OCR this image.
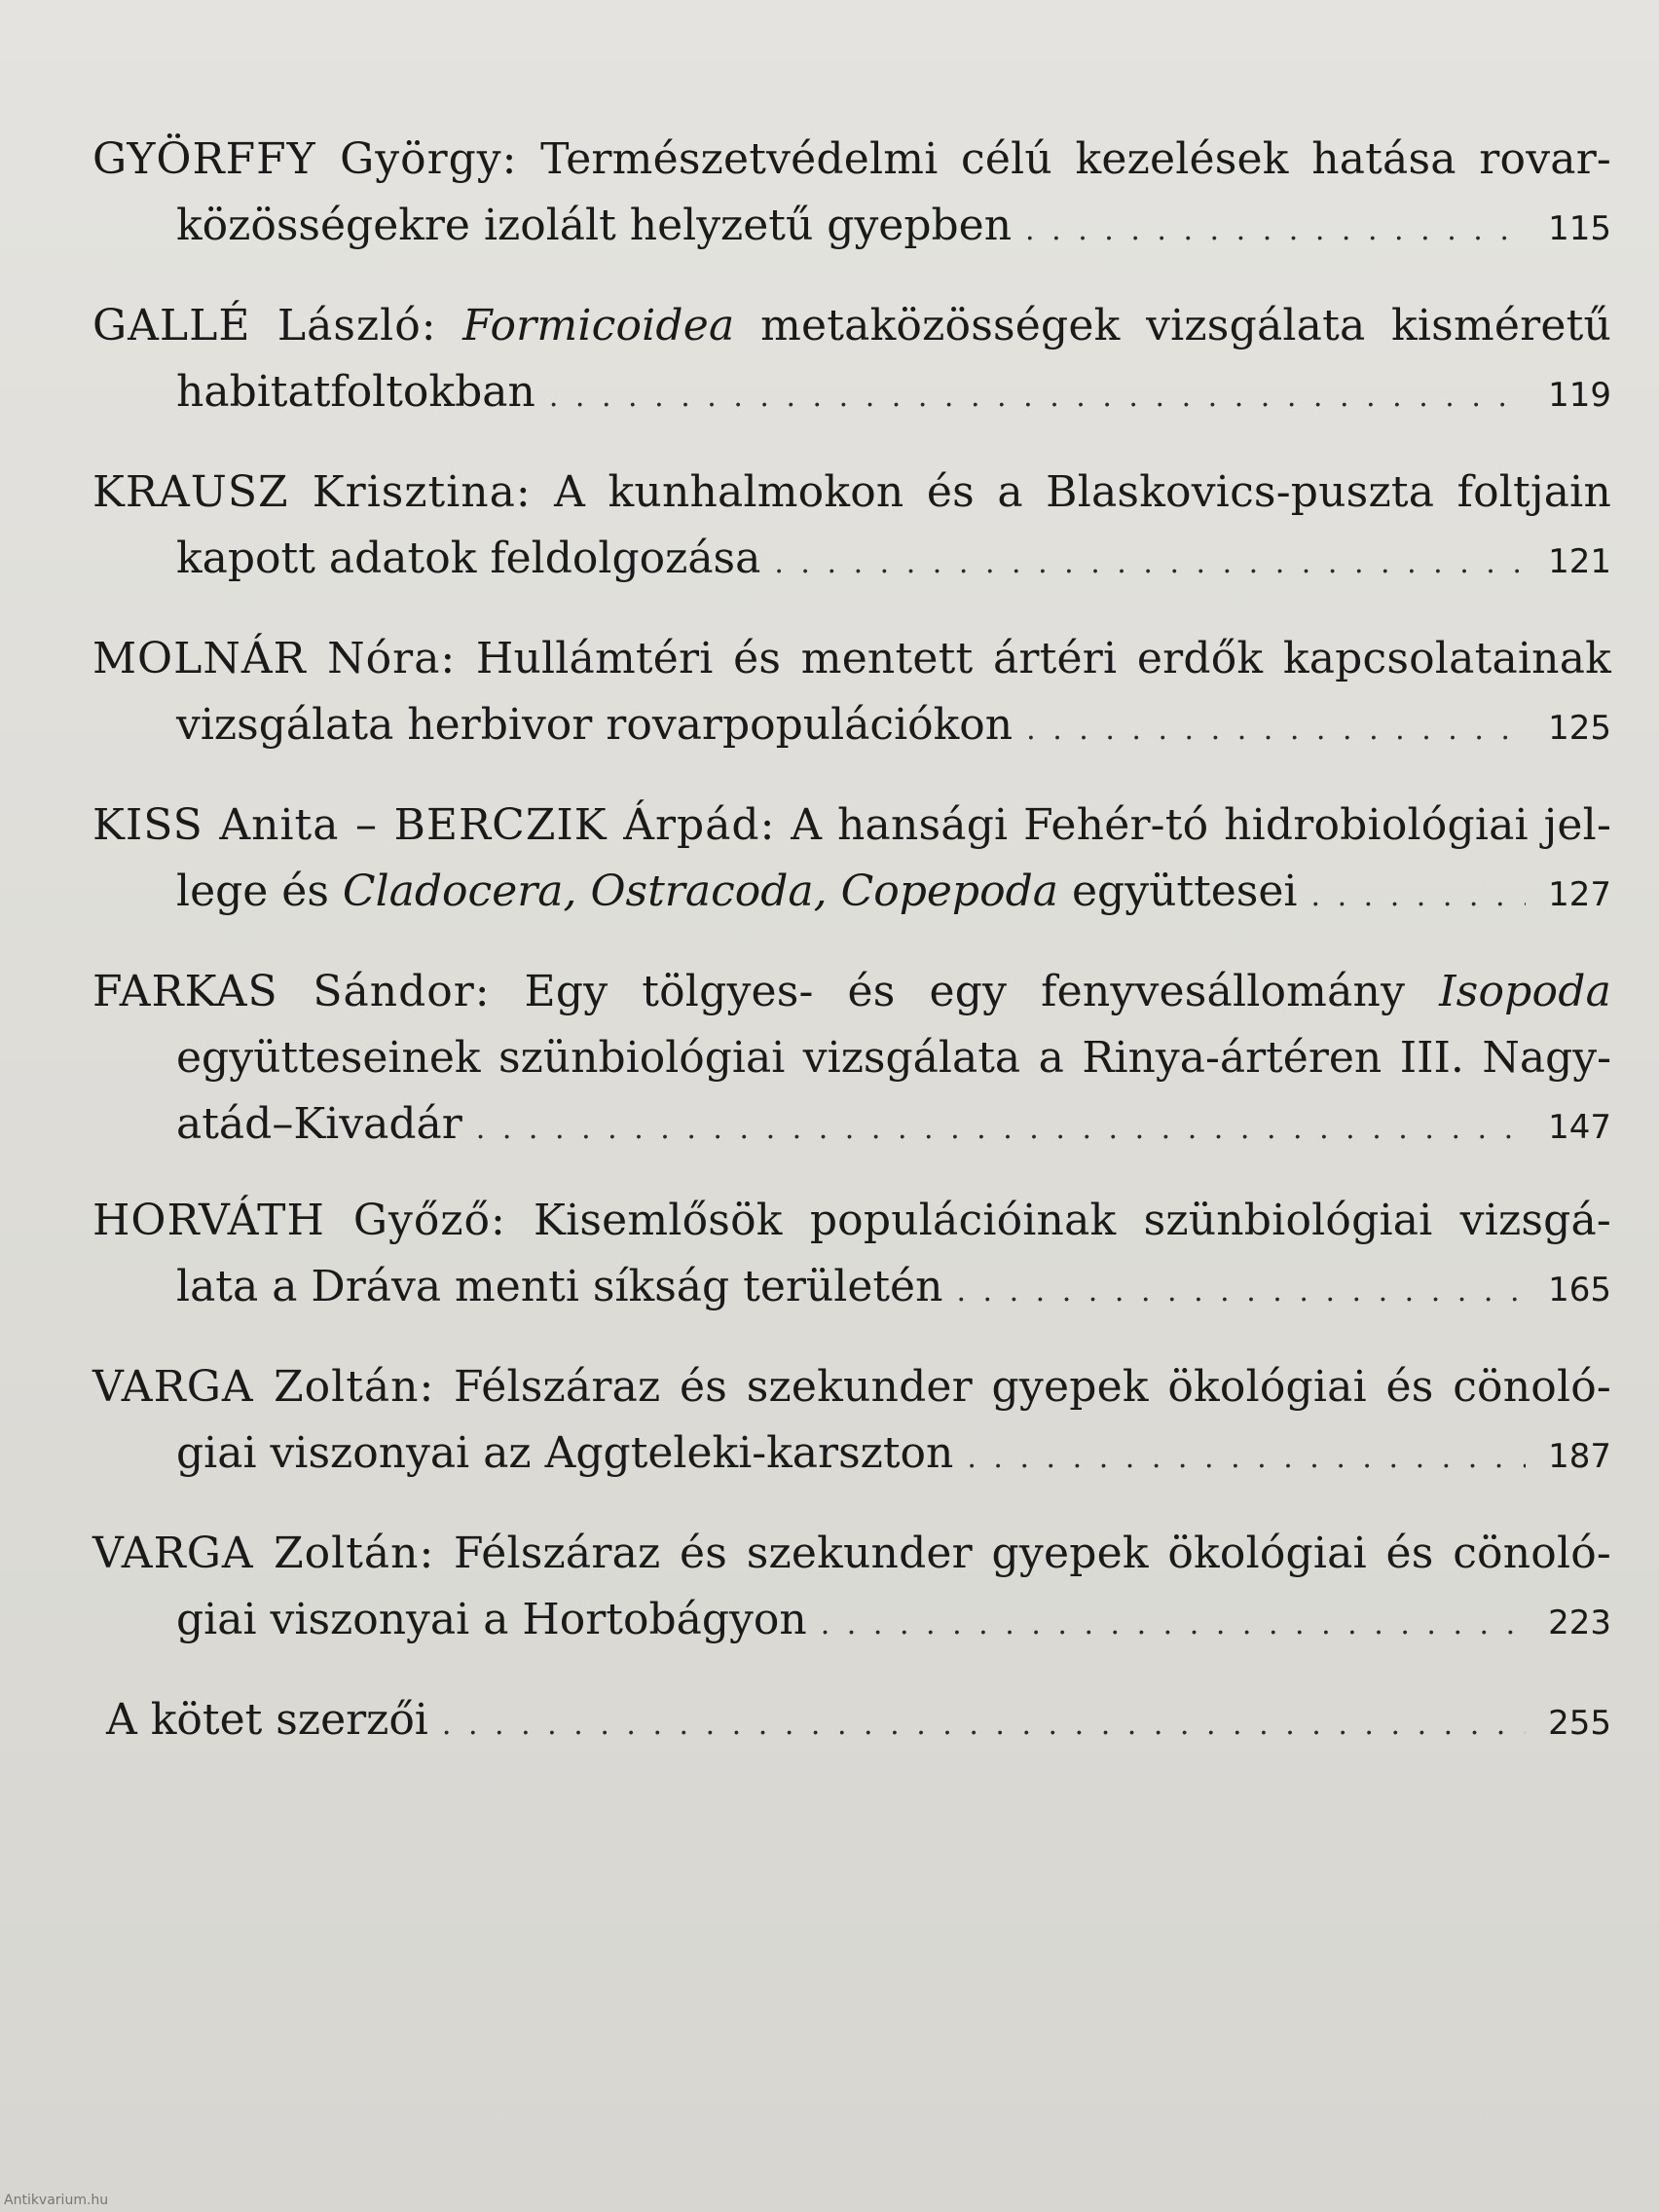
GYÖRFFY György: Természetvédelmi célú kezelések hatása rovar-
közösségekre izolált helyzetű gyepben . . .	115
GALLÉ László: Formicoidea metaközösségek vizsgálata kisméretű
habitatfoltokban . . .	119
KRAUSZ Krisztina: A kunhalmokon és a Blaskovics-puszta foltjain
kapott adatok feldolgozása . . .	121
MOLNÁR Nóra: Hullámtéri és mentett ártéri erdők kapcsolatainak
vizsgálata herbivor rovarpopulációkon . . .	125
KISS Anita – BERCZIK Árpád: A hansági Fehér-tó hidrobiológiai jel-
lege és Cladocera, Ostracoda, Copepoda együttesei . . .	127
FARKAS Sándor: Egy tölgyes- és egy fenyvesállomány Isopoda
együtteseinek szünbiológiai vizsgálata a Rinya-ártéren III. Nagy-
atád–Kivadár . . .	147
HORVÁTH Győző: Kisemlősök populációinak szünbiológiai vizsgá-
lata a Dráva menti síkság területén . . .	165
VARGA Zoltán: Félszáraz és szekunder gyepek ökológiai és cönoló-
giai viszonyai az Aggteleki-karszton . . .	187
VARGA Zoltán: Félszáraz és szekunder gyepek ökológiai és cönoló-
giai viszonyai a Hortobágyon . . .	223
A kötet szerzői . . .	255
Antikvarium.hu
